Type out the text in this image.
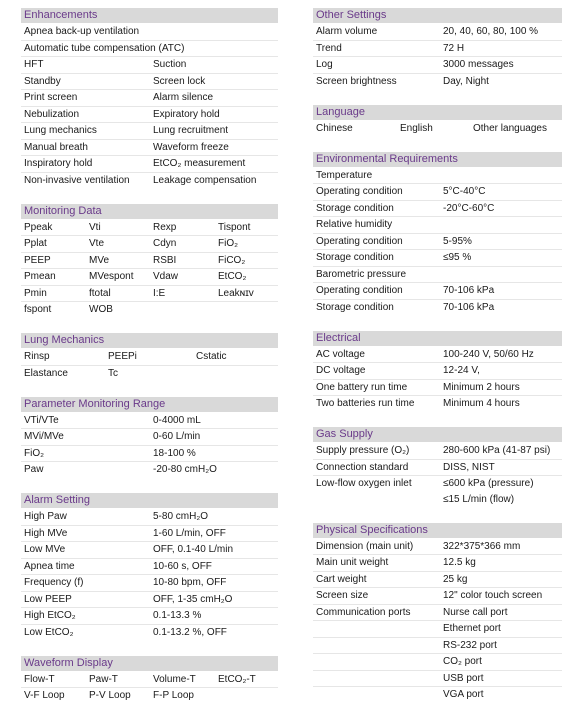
Enhancements
Apnea back-up ventilation
Automatic tube compensation (ATC)
HFT	Suction
Standby	Screen lock
Print screen	Alarm silence
Nebulization	Expiratory hold
Lung mechanics	Lung recruitment
Manual breath	Waveform freeze
Inspiratory hold	EtCO₂ measurement
Non-invasive ventilation	Leakage compensation
Monitoring Data
Ppeak	Vti	Rexp	Tispont
Pplat	Vte	Cdyn	FiO₂
PEEP	MVe	RSBI	FiCO₂
Pmean	MVespont	Vdaw	EtCO₂
Pmin	ftotal	I:E	Leakɴɪᴠ
fspont	WOB
Lung Mechanics
Rinsp	PEEPi	Cstatic
Elastance	Tc
Parameter Monitoring Range
VTi/VTe	0-4000 mL
MVi/MVe	0-60 L/min
FiO₂	18-100 %
Paw	-20-80 cmH₂O
Alarm Setting
High Paw	5-80 cmH₂O
High MVe	1-60 L/min, OFF
Low MVe	OFF, 0.1-40 L/min
Apnea time	10-60 s, OFF
Frequency (f)	10-80 bpm, OFF
Low PEEP	OFF, 1-35 cmH₂O
High EtCO₂	0.1-13.3 %
Low EtCO₂	0.1-13.2 %, OFF
Waveform Display
Flow-T	Paw-T	Volume-T	EtCO₂-T
V-F Loop	P-V Loop	F-P Loop
Other Settings
Alarm volume	20, 40, 60, 80, 100 %
Trend	72 H
Log	3000 messages
Screen brightness	Day, Night
Language
Chinese	English	Other languages
Environmental Requirements
Temperature
Operating condition	5°C-40°C
Storage condition	-20°C-60°C
Relative humidity
Operating condition	5-95%
Storage condition	≤95 %
Barometric pressure
Operating condition	70-106 kPa
Storage condition	70-106 kPa
Electrical
AC voltage	100-240 V, 50/60 Hz
DC voltage	12-24 V,
One battery run time	Minimum 2 hours
Two batteries run time	Minimum 4 hours
Gas Supply
Supply pressure (O₂)	280-600 kPa (41-87 psi)
Connection standard	DISS, NIST
Low-flow oxygen inlet	≤600 kPa (pressure)
≤15 L/min (flow)
Physical Specifications
Dimension (main unit)	322*375*366 mm
Main unit weight	12.5 kg
Cart weight	25 kg
Screen size	12" color touch screen
Communication ports	Nurse call port
Ethernet port
RS-232 port
CO₂ port
USB port
VGA port
